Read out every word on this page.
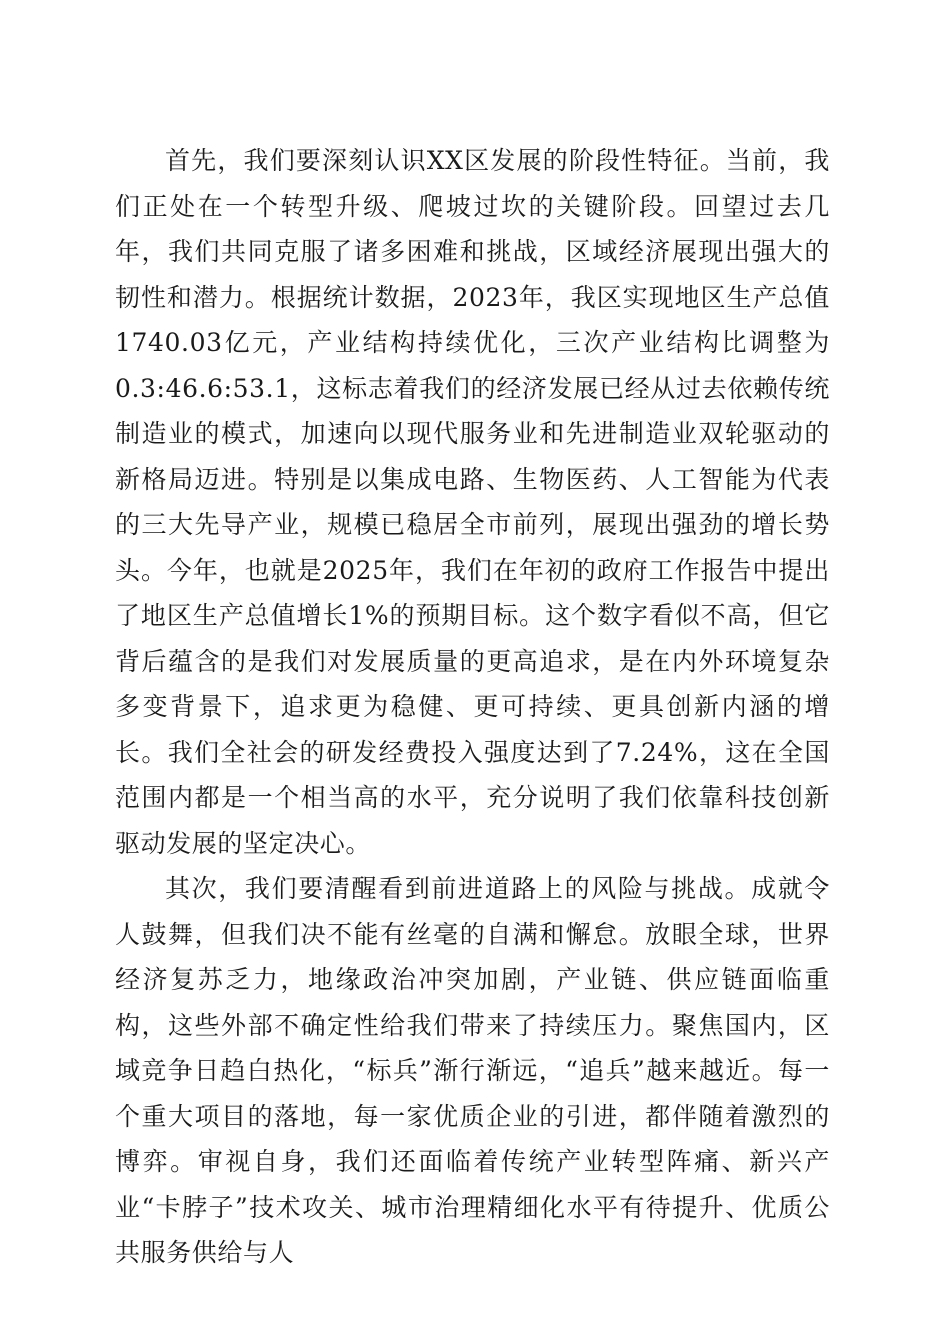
首先，我们要深刻认识XX区发展的阶段性特征。当前，我们正处在一个转型升级、爬坡过坎的关键阶段。回望过去几年，我们共同克服了诸多困难和挑战，区域经济展现出强大的韧性和潜力。根据统计数据，2023年，我区实现地区生产总值1740.03亿元，产业结构持续优化，三次产业结构比调整为0.3:46.6:53.1，这标志着我们的经济发展已经从过去依赖传统制造业的模式，加速向以现代服务业和先进制造业双轮驱动的新格局迈进。特别是以集成电路、生物医药、人工智能为代表的三大先导产业，规模已稳居全市前列，展现出强劲的增长势头。今年，也就是2025年，我们在年初的政府工作报告中提出了地区生产总值增长1%的预期目标。这个数字看似不高，但它背后蕴含的是我们对发展质量的更高追求，是在内外环境复杂多变背景下，追求更为稳健、更可持续、更具创新内涵的增长。我们全社会的研发经费投入强度达到了7.24%，这在全国范围内都是一个相当高的水平，充分说明了我们依靠科技创新驱动发展的坚定决心。

其次，我们要清醒看到前进道路上的风险与挑战。成就令人鼓舞，但我们决不能有丝毫的自满和懈怠。放眼全球，世界经济复苏乏力，地缘政治冲突加剧，产业链、供应链面临重构，这些外部不确定性给我们带来了持续压力。聚焦国内，区域竞争日趋白热化，“标兵”渐行渐远，“追兵”越来越近。每一个重大项目的落地，每一家优质企业的引进，都伴随着激烈的博弈。审视自身，我们还面临着传统产业转型阵痛、新兴产业“卡脖子”技术攻关、城市治理精细化水平有待提升、优质公共服务供给与人
